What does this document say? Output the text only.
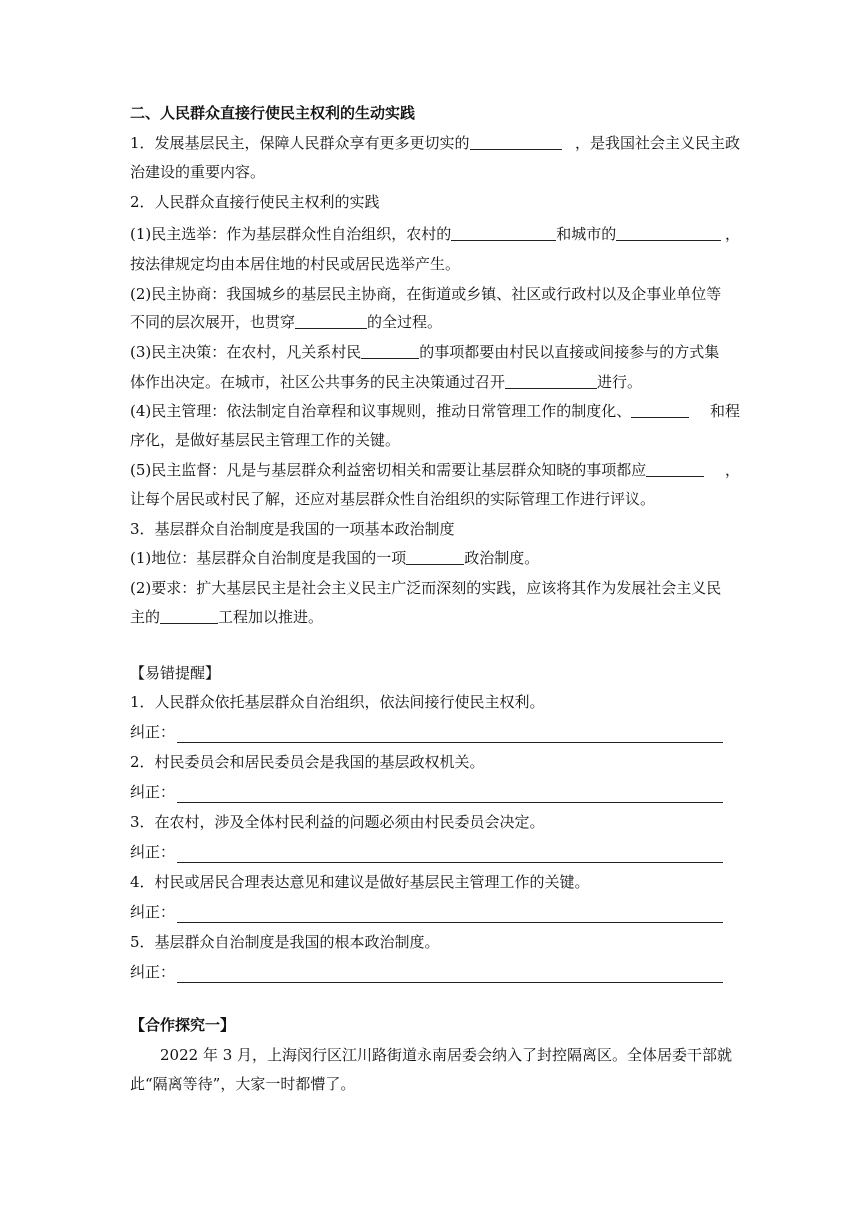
二、人民群众直接行使民主权利的生动实践
1．发展基层民主，保障人民群众享有更多更切实的	，是我国社会主义民主政
治建设的重要内容。
2．人民群众直接行使民主权利的实践
(1)民主选举：作为基层群众性自治组织，农村的	和城市的	，
按法律规定均由本居住地的村民或居民选举产生。
(2)民主协商：我国城乡的基层民主协商，在街道或乡镇、社区或行政村以及企事业单位等
不同的层次展开，也贯穿	的全过程。
(3)民主决策：在农村，凡关系村民	的事项都要由村民以直接或间接参与的方式集
体作出决定。在城市，社区公共事务的民主决策通过召开	进行。
(4)民主管理：依法制定自治章程和议事规则，推动日常管理工作的制度化、	和程
序化，是做好基层民主管理工作的关键。
(5)民主监督：凡是与基层群众利益密切相关和需要让基层群众知晓的事项都应	，
让每个居民或村民了解，还应对基层群众性自治组织的实际管理工作进行评议。
3．基层群众自治制度是我国的一项基本政治制度
(1)地位：基层群众自治制度是我国的一项	政治制度。
(2)要求：扩大基层民主是社会主义民主广泛而深刻的实践，应该将其作为发展社会主义民
主的	工程加以推进。
【易错提醒】
1．人民群众依托基层群众自治组织，依法间接行使民主权利。
纠正：
2．村民委员会和居民委员会是我国的基层政权机关。
纠正：
3．在农村，涉及全体村民利益的问题必须由村民委员会决定。
纠正：
4．村民或居民合理表达意见和建议是做好基层民主管理工作的关键。
纠正：
5．基层群众自治制度是我国的根本政治制度。
纠正：
【合作探究一】
2022 年 3 月，上海闵行区江川路街道永南居委会纳入了封控隔离区。全体居委干部就
此“隔离等待”，大家一时都懵了。
